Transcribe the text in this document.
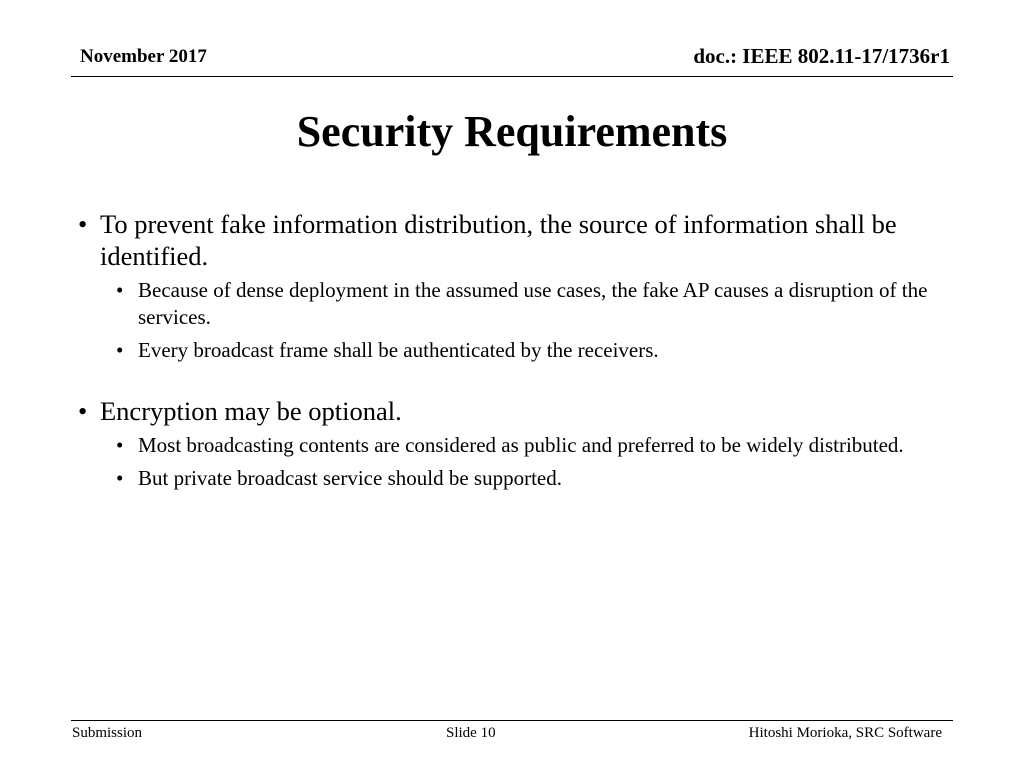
November 2017	doc.: IEEE 802.11-17/1736r1
Security Requirements
• To prevent fake information distribution, the source of information shall be identified.
• Because of dense deployment in the assumed use cases, the fake AP causes a disruption of the services.
• Every broadcast frame shall be authenticated by the receivers.
• Encryption may be optional.
• Most broadcasting contents are considered as public and preferred to be widely distributed.
• But private broadcast service should be supported.
Submission	Slide 10	Hitoshi Morioka, SRC Software
